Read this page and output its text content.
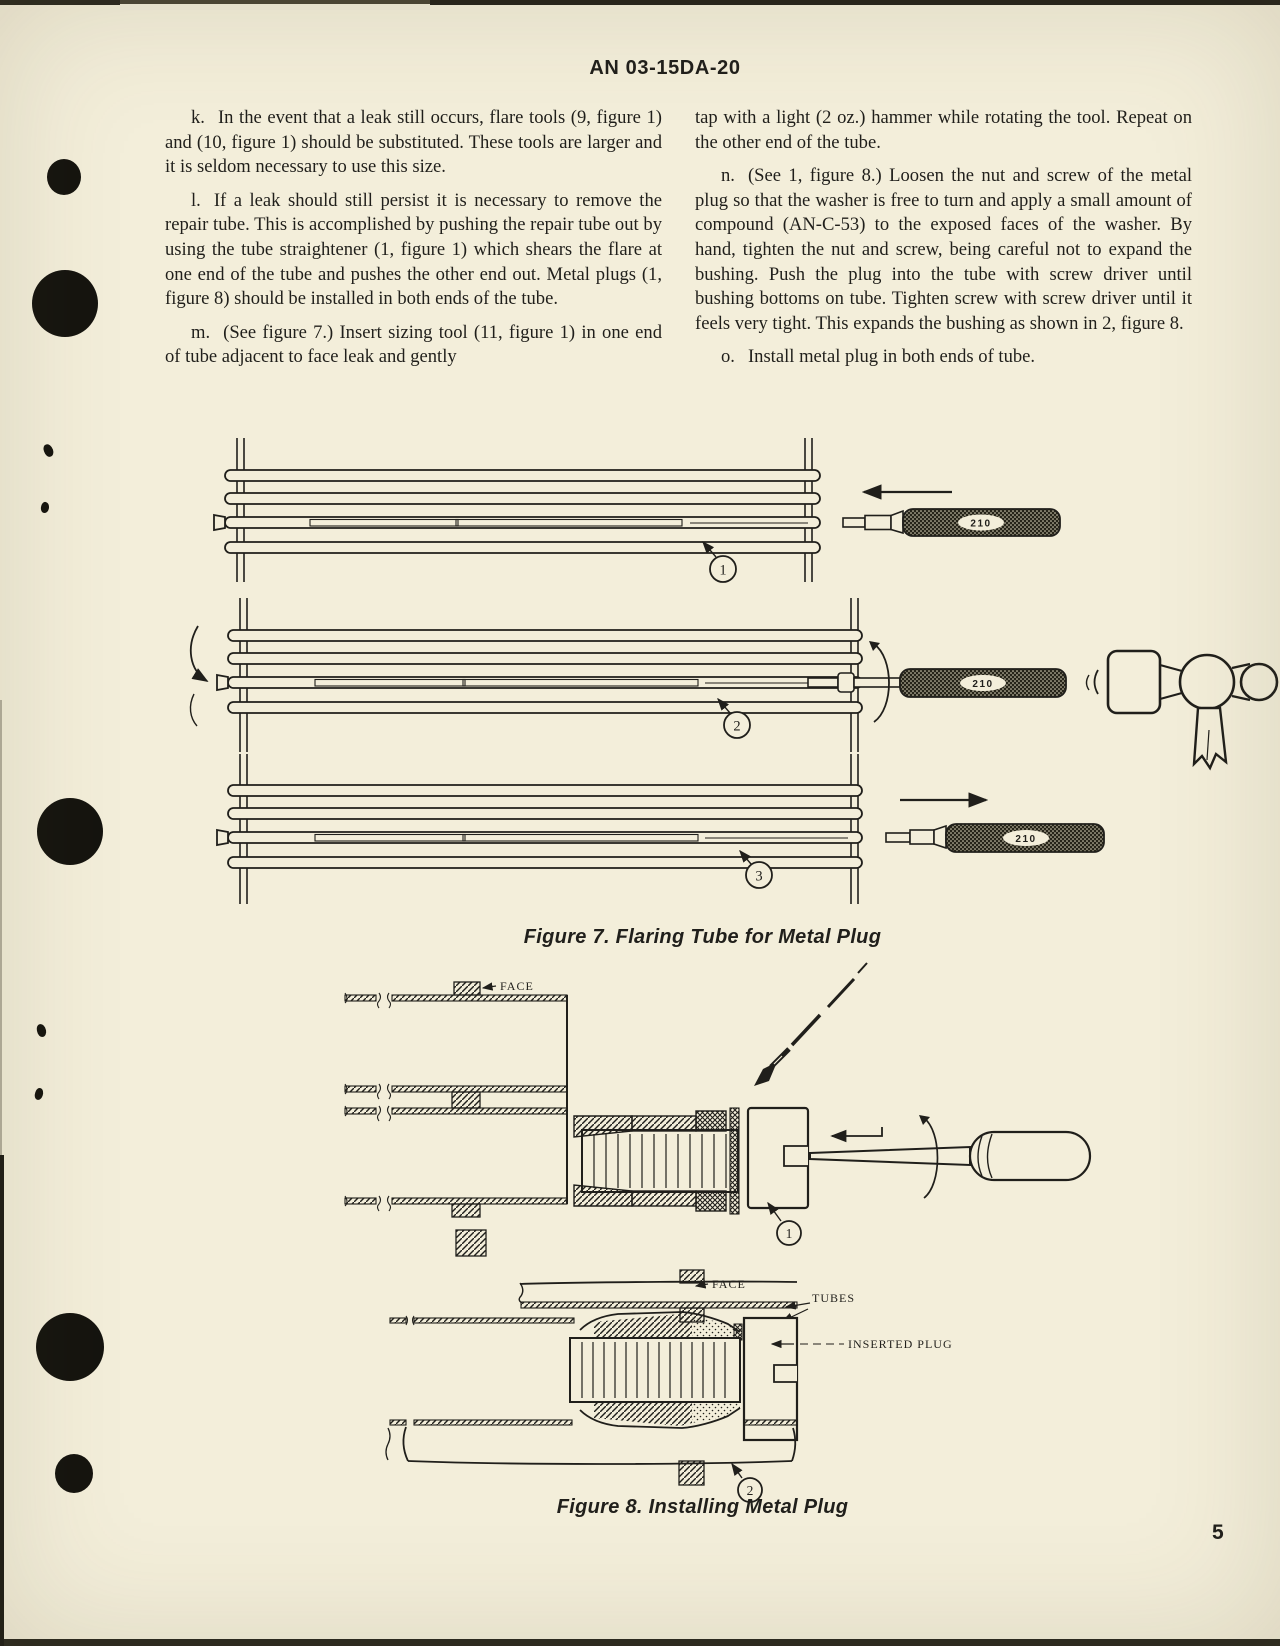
AN 03-15DA-20

k. In the event that a leak still occurs, flare tools (9, figure 1) and (10, figure 1) should be substituted. These tools are larger and it is seldom necessary to use this size.

l. If a leak should still persist it is necessary to remove the repair tube. This is accomplished by pushing the repair tube out by using the tube straightener (1, figure 1) which shears the flare at one end of the tube and pushes the other end out. Metal plugs (1, figure 8) should be installed in both ends of the tube.

m. (See figure 7.) Insert sizing tool (11, figure 1) in one end of tube adjacent to face leak and gently

tap with a light (2 oz.) hammer while rotating the tool. Repeat on the other end of the tube.

n. (See 1, figure 8.) Loosen the nut and screw of the metal plug so that the washer is free to turn and apply a small amount of compound (AN-C-53) to the exposed faces of the washer. By hand, tighten the nut and screw, being careful not to expand the bushing. Push the plug into the tube with screw driver until bushing bottoms on tube. Tighten screw with screw driver until it feels very tight. This expands the bushing as shown in 2, figure 8.

o. Install metal plug in both ends of tube.

210
1
210
2
210
3
Figure 7. Flaring Tube for Metal Plug
FACE
1
FACE
TUBES
INSERTED PLUG
2
Figure 8. Installing Metal Plug
5
